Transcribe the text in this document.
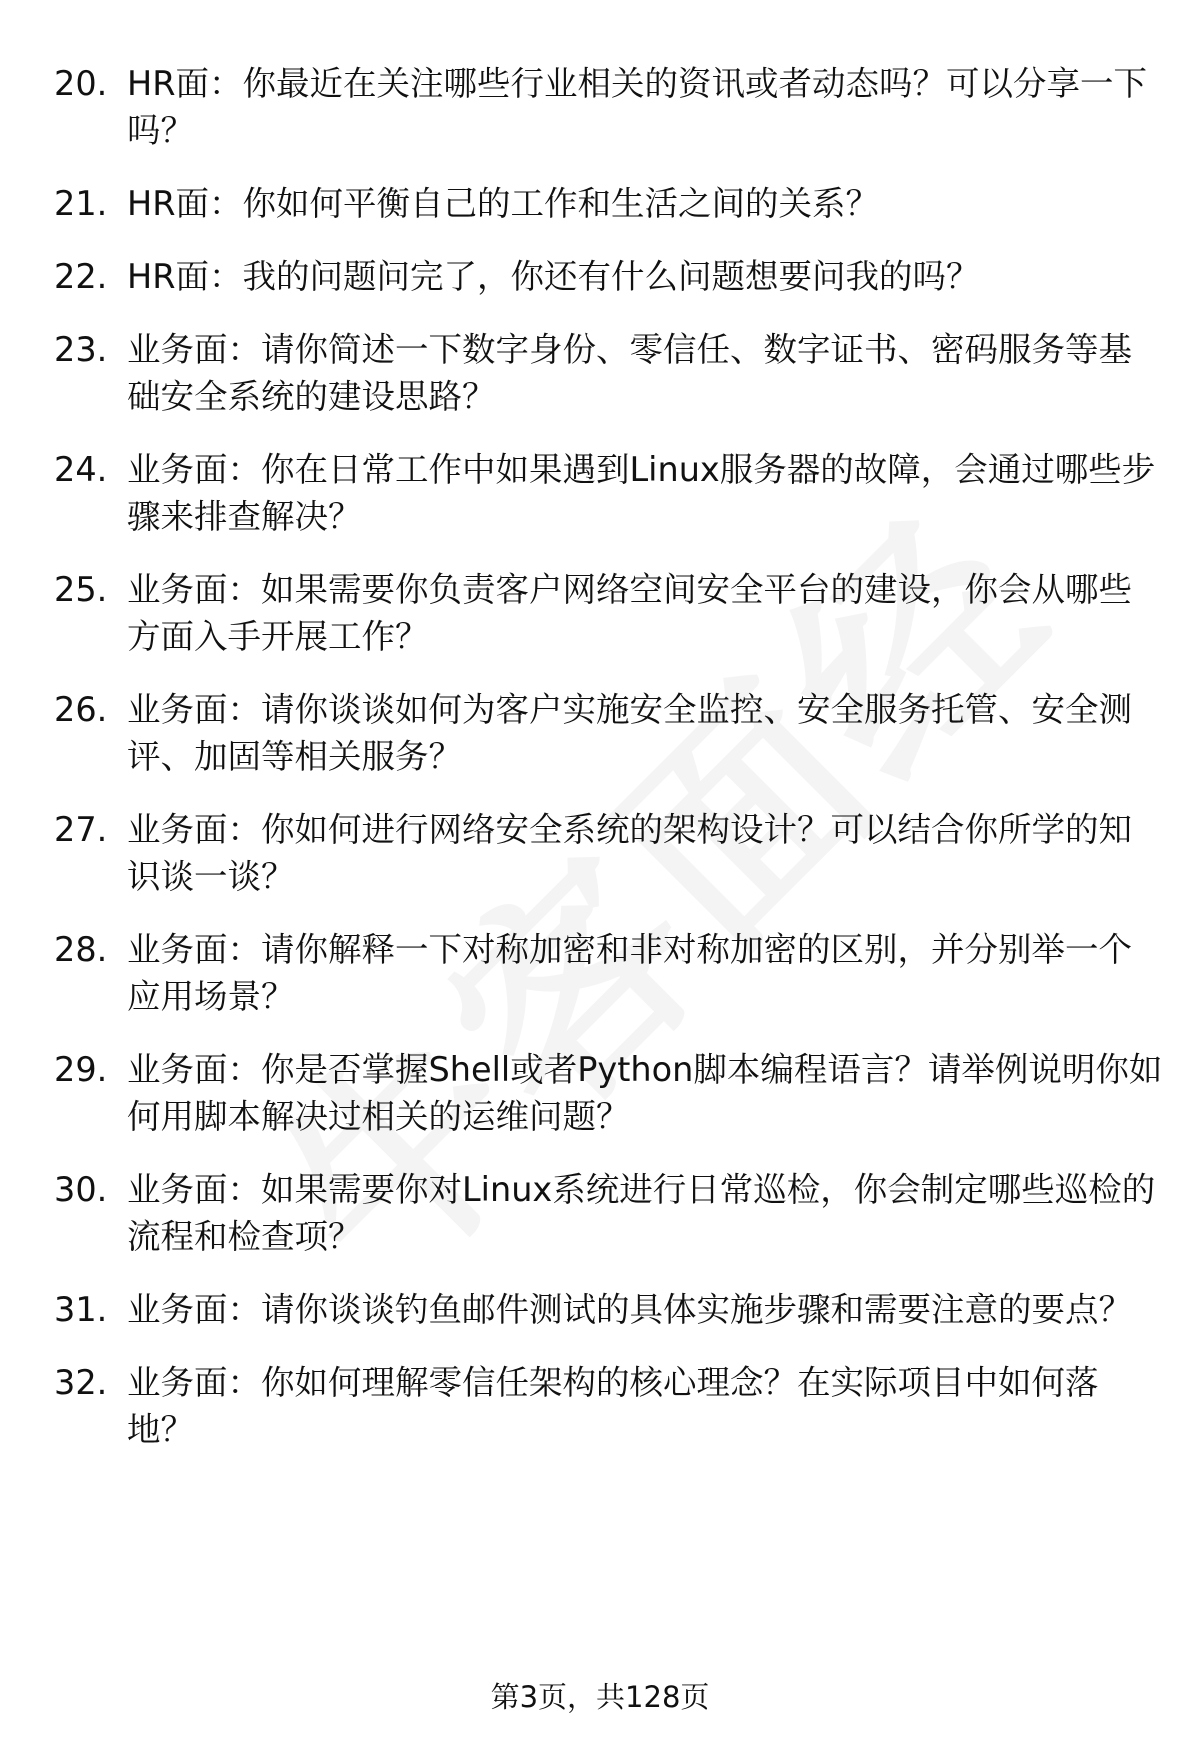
20. HR面：你最近在关注哪些行业相关的资讯或者动态吗？可以分享一下吗？
21. HR面：你如何平衡自己的工作和生活之间的关系？
22. HR面：我的问题问完了，你还有什么问题想要问我的吗？
23. 业务面：请你简述一下数字身份、零信任、数字证书、密码服务等基础安全系统的建设思路？
24. 业务面：你在日常工作中如果遇到Linux服务器的故障，会通过哪些步骤来排查解决？
25. 业务面：如果需要你负责客户网络空间安全平台的建设，你会从哪些方面入手开展工作？
26. 业务面：请你谈谈如何为客户实施安全监控、安全服务托管、安全测评、加固等相关服务？
27. 业务面：你如何进行网络安全系统的架构设计？可以结合你所学的知识谈一谈？
28. 业务面：请你解释一下对称加密和非对称加密的区别，并分别举一个应用场景？
29. 业务面：你是否掌握Shell或者Python脚本编程语言？请举例说明你如何用脚本解决过相关的运维问题？
30. 业务面：如果需要你对Linux系统进行日常巡检，你会制定哪些巡检的流程和检查项？
31. 业务面：请你谈谈钓鱼邮件测试的具体实施步骤和需要注意的要点？
32. 业务面：你如何理解零信任架构的核心理念？在实际项目中如何落地？
第3页，共128页
